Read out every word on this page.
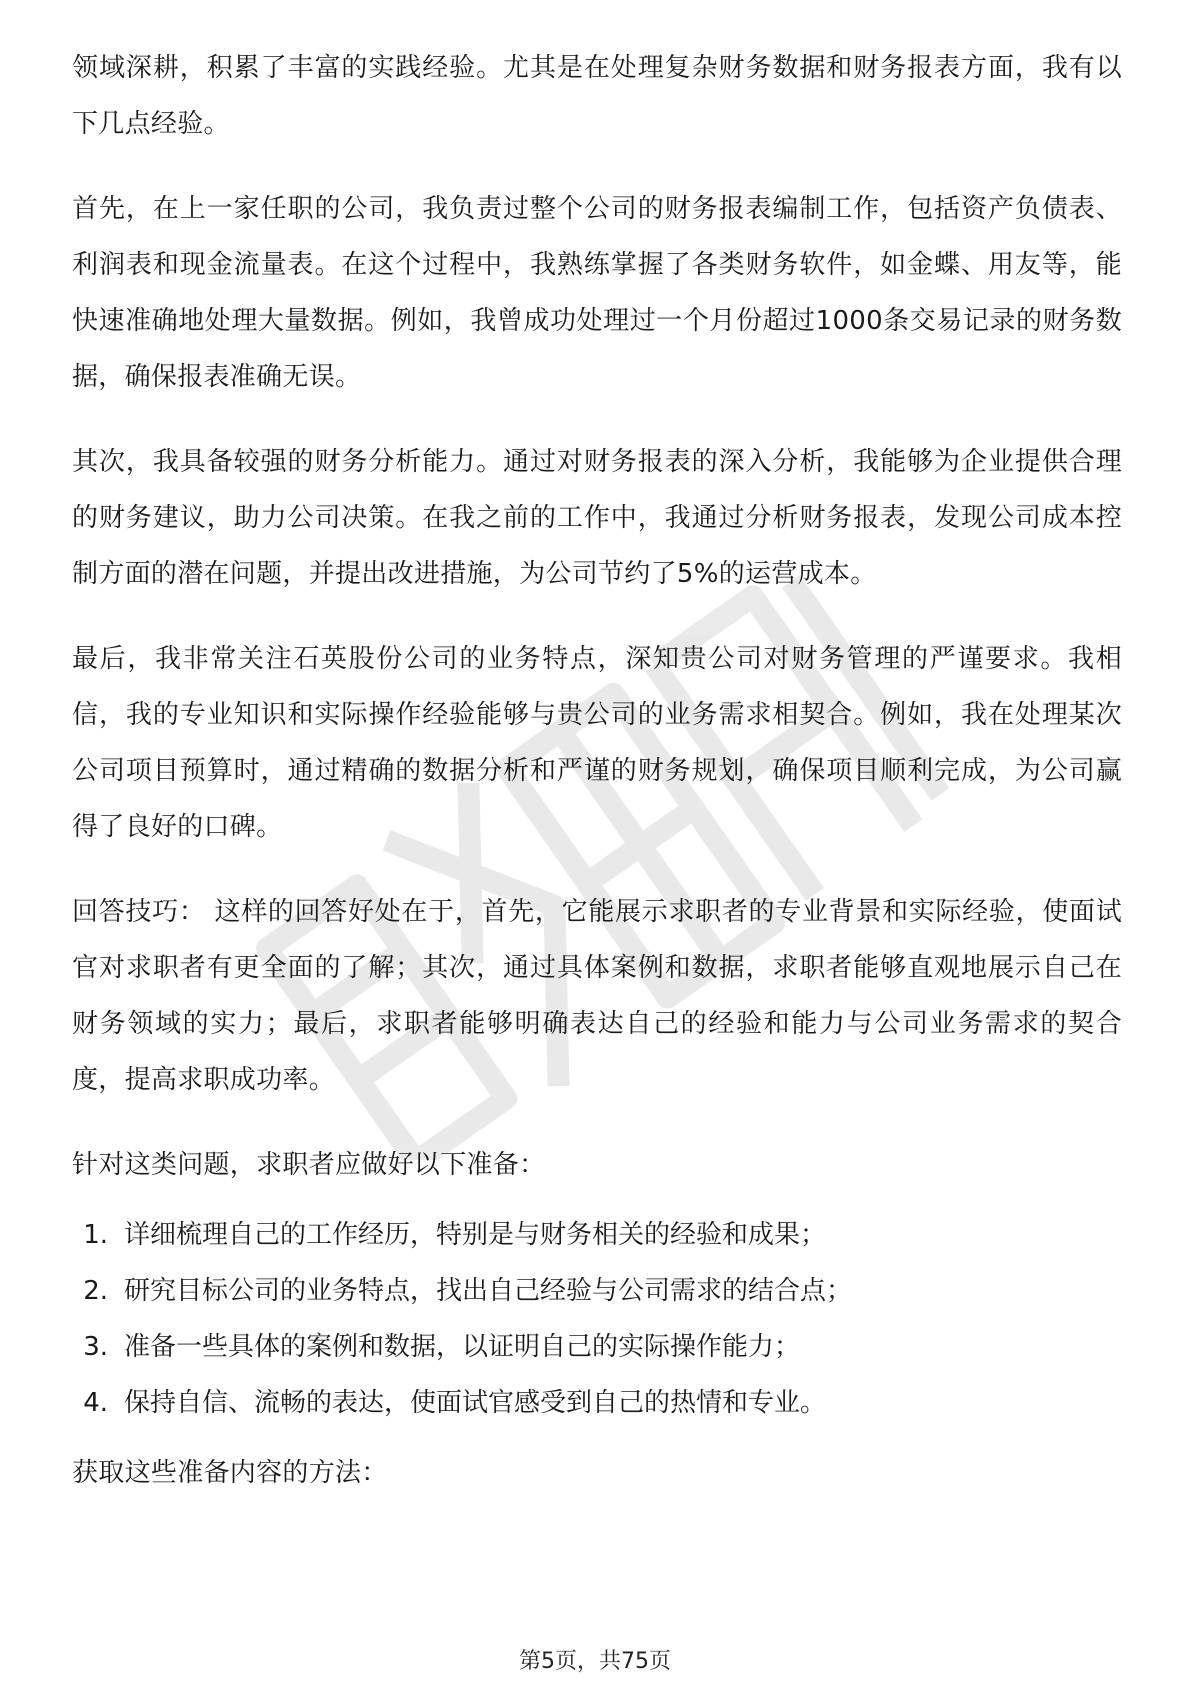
领域深耕，积累了丰富的实践经验。尤其是在处理复杂财务数据和财务报表方面，我有以下几点经验。

首先，在上一家任职的公司，我负责过整个公司的财务报表编制工作，包括资产负债表、利润表和现金流量表。在这个过程中，我熟练掌握了各类财务软件，如金蝶、用友等，能快速准确地处理大量数据。例如，我曾成功处理过一个月份超过1000条交易记录的财务数据，确保报表准确无误。

其次，我具备较强的财务分析能力。通过对财务报表的深入分析，我能够为企业提供合理的财务建议，助力公司决策。在我之前的工作中，我通过分析财务报表，发现公司成本控制方面的潜在问题，并提出改进措施，为公司节约了5%的运营成本。

最后，我非常关注石英股份公司的业务特点，深知贵公司对财务管理的严谨要求。我相信，我的专业知识和实际操作经验能够与贵公司的业务需求相契合。例如，我在处理某次公司项目预算时，通过精确的数据分析和严谨的财务规划，确保项目顺利完成，为公司赢得了良好的口碑。

回答技巧： 这样的回答好处在于，首先，它能展示求职者的专业背景和实际经验，使面试官对求职者有更全面的了解；其次，通过具体案例和数据，求职者能够直观地展示自己在财务领域的实力；最后，求职者能够明确表达自己的经验和能力与公司业务需求的契合度，提高求职成功率。

针对这类问题，求职者应做好以下准备：

1. 详细梳理自己的工作经历，特别是与财务相关的经验和成果；
2. 研究目标公司的业务特点，找出自己经验与公司需求的结合点；
3. 准备一些具体的案例和数据，以证明自己的实际操作能力；
4. 保持自信、流畅的表达，使面试官感受到自己的热情和专业。

获取这些准备内容的方法：

第5页，共75页
